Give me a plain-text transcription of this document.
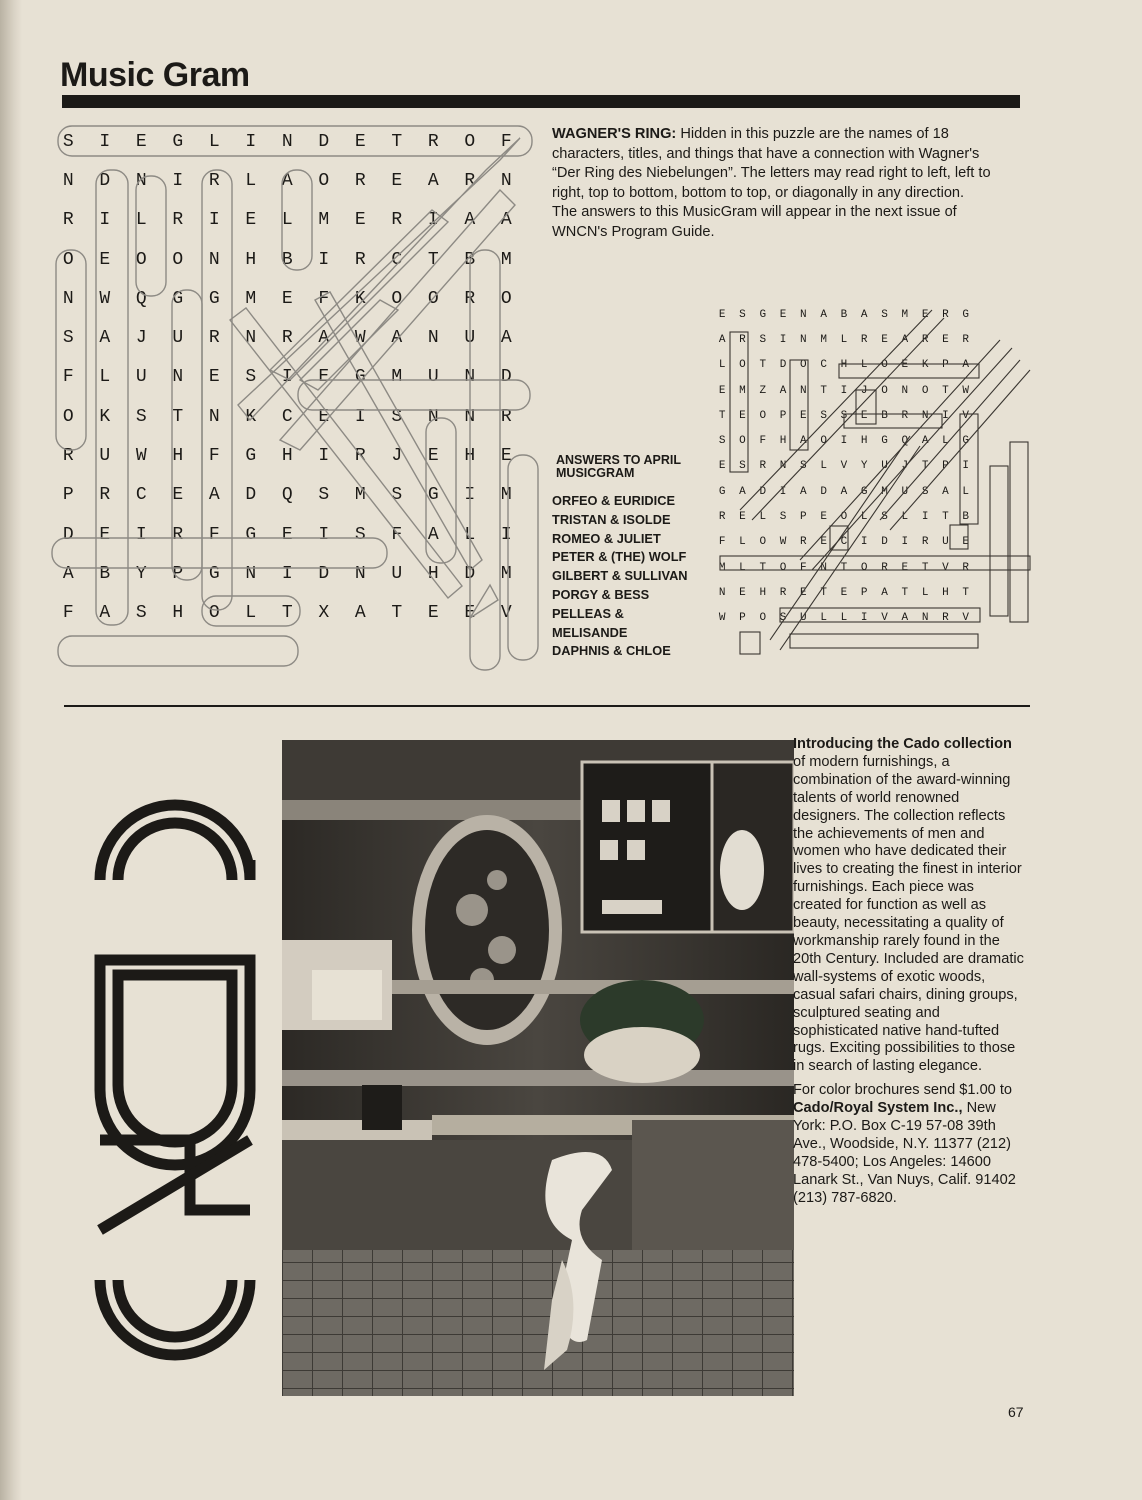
Music Gram
S	I	E	G	L	I	N	D	E	T	R	O	F
N	D	N	I	R	L	A	O	R	E	A	R	N
R	I	L	R	I	E	L	M	E	R	I	A	A
O	E	O	O	N	H	B	I	R	C	T	B	M
N	W	Q	G	G	M	E	F	K	O	O	R	O
S	A	J	U	R	N	R	A	W	A	N	U	A
F	L	U	N	E	S	I	E	G	M	U	N	D
O	K	S	T	N	K	C	E	I	S	N	N	R
R	U	W	H	F	G	H	I	R	J	E	H	E
P	R	C	E	A	D	Q	S	M	S	G	I	M
D	E	I	R	F	G	E	I	S	F	A	L	I
A	B	Y	P	G	N	I	D	N	U	H	D	M
F	A	S	H	O	L	T	X	A	T	E	E	V
WAGNER'S RING: Hidden in this puzzle are the names of 18 characters, titles, and things that have a connection with Wagner's “Der Ring des Niebelungen”. The letters may read right to left, left to right, top to bottom, bottom to top, or diagonally in any direction. The answers to this MusicGram will appear in the next issue of WNCN's Program Guide.
ANSWERS TO APRIL MUSICGRAM
ORFEO & EURIDICE
TRISTAN & ISOLDE
ROMEO & JULIET
PETER & (THE) WOLF
GILBERT & SULLIVAN
PORGY & BESS
PELLEAS &
MELISANDE
DAPHNIS & CHLOE
E	S	G	E	N	A	B	A	S	M	E	R	G
A	R	S	I	N	M	L	R	E	A	R	E	R
L	O	T	D	O	C	H	L	O	E	K	P	A
E	M	Z	A	N	T	I	J	O	N	O	T	W
T	E	O	P	E	S	S	E	B	R	N	I	V
S	O	F	H	A	O	I	H	G	Q	A	L	G
E	S	R	N	S	L	V	Y	U	J	T	P	I
G	A	D	I	A	D	A	G	M	U	S	A	L
R	E	L	S	P	E	O	L	S	L	I	T	B
F	L	O	W	R	E	C	I	D	I	R	U	E
M	L	T	O	F	N	T	O	R	E	T	V	R
N	E	H	R	E	T	E	P	A	T	L	H	T
W	P	O	S	U	L	L	I	V	A	N	R	V

Introducing the Cado collection of modern furnishings, a combination of the award-winning talents of world renowned designers. The collection reflects the achievements of men and women who have dedicated their lives to creating the finest in interior furnishings. Each piece was created for function as well as beauty, necessitating a quality of workmanship rarely found in the 20th Century. Included are dramatic wall-systems of exotic woods, casual safari chairs, dining groups, sculptured seating and sophisticated native hand-tufted rugs. Exciting possibilities to those in search of lasting elegance.

For color brochures send $1.00 to Cado/Royal System Inc., New York: P.O. Box C-19 57-08 39th Ave., Woodside, N.Y. 11377 (212) 478-5400; Los Angeles: 14600 Lanark St., Van Nuys, Calif. 91402 (213) 787-6820.

67
